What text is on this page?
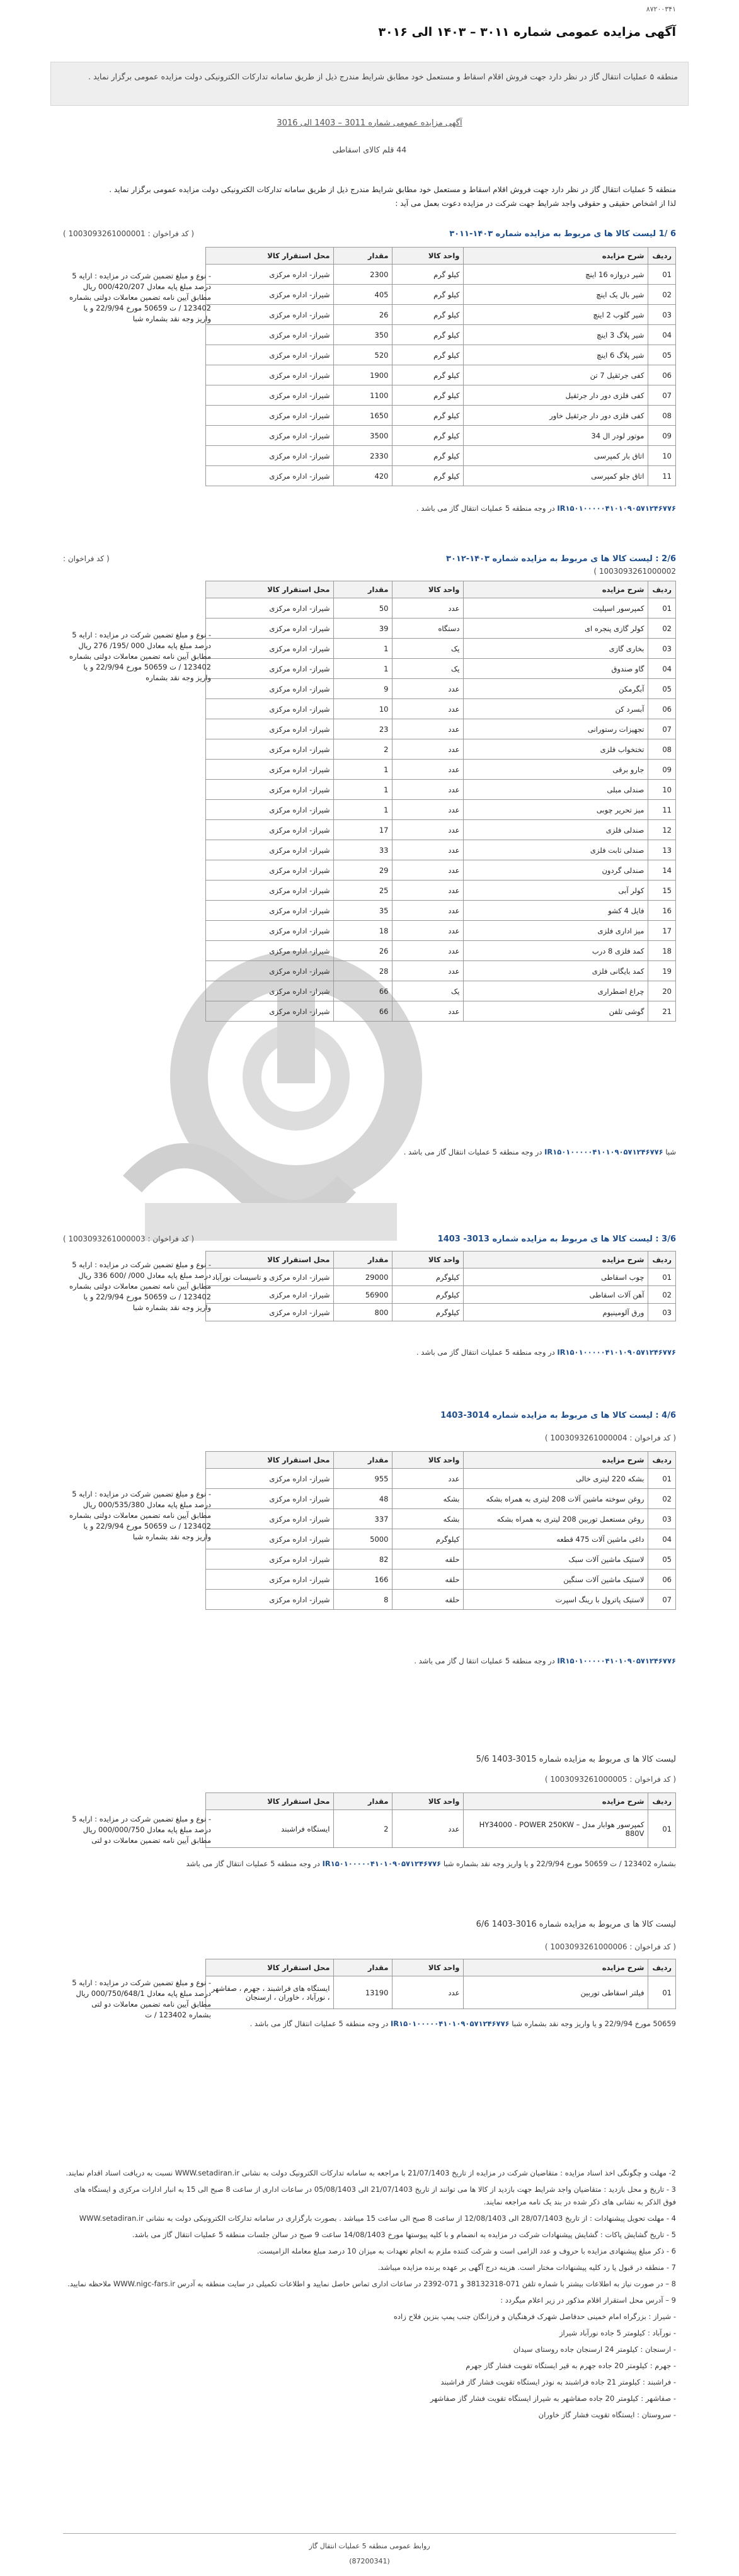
۸۷۲۰۰۳۴۱
آگهی مزایده عمومی شماره ۳۰۱۱ – ۱۴۰۳ الی ۳۰۱۶
منطقه ۵ عملیات انتقال گاز در نظر دارد جهت فروش اقلام اسقاط و مستعمل خود مطابق شرایط مندرج ذیل از طریق سامانه تدارکات الکترونیکی دولت مزایده عمومی برگزار نماید .
آگهی مزایده عمومی شماره 3011 – 1403 الی 3016
44 قلم کالای اسقاطی
منطقه 5 عملیات انتقال گاز در نظر دارد جهت فروش اقلام اسقاط و مستعمل خود مطابق شرایط مندرج ذیل از طریق سامانه تدارکات الکترونیکی دولت مزایده عمومی برگزار نماید .
لذا از اشخاص حقیقی و حقوقی واجد شرایط جهت شرکت در مزایده دعوت بعمل می آید :
6 /1 لیست کالا ها ی مربوط به مزایده شماره ۱۴۰۳-۳۰۱۱
( کد فراخوان : 1003093261000001 )
ردیف	شرح مزایده	واحد کالا	مقدار	محل استقرار کالا
01	شیر دروازه 16 اینچ	کیلو گرم	2300	شیراز- اداره مرکزی
02	شیر بال یک اینچ	کیلو گرم	405	شیراز- اداره مرکزی
03	شیر گلوب 2 اینچ	کیلو گرم	26	شیراز- اداره مرکزی
04	شیر پلاگ 3 اینچ	کیلو گرم	350	شیراز- اداره مرکزی
05	شیر پلاگ 6 اینچ	کیلو گرم	520	شیراز- اداره مرکزی
06	کفی جرثقیل 7 تن	کیلو گرم	1900	شیراز- اداره مرکزی
07	کفی فلزی دور دار جرثقیل	کیلو گرم	1100	شیراز- اداره مرکزی
08	کفی فلزی دور دار جرثقیل خاور	کیلو گرم	1650	شیراز- اداره مرکزی
09	موتور لودر ال 34	کیلو گرم	3500	شیراز- اداره مرکزی
10	اتاق بار کمپرسی	کیلو گرم	2330	شیراز- اداره مرکزی
11	اتاق جلو کمپرسی	کیلو گرم	420	شیراز- اداره مرکزی
- نوع و مبلغ تضمین شرکت در مزایده : ارایه 5 درصد مبلغ پایه معادل 000/420/207 ریال مطابق آیین نامه تضمین معاملات دولتی بشماره 123402 / ت 50659 مورخ 22/9/94 و یا واریز وجه نقد بشماره شبا
IR۱۵۰۱۰۰۰۰۰۴۱۰۱۰۹۰۵۷۱۲۴۶۷۷۶ در وجه منطقه 5 عملیات انتقال گاز می باشد .
2/6 : لیست کالا ها ی مربوط به مزایده شماره ۱۴۰۳-۳۰۱۲
( کد فراخوان :
1003093261000002 )
ردیف	شرح مزایده	واحد کالا	مقدار	محل استقرار کالا
01	کمپرسور اسپلیت	عدد	50	شیراز- اداره مرکزی
02	کولر گازی پنجره ای	دستگاه	39	شیراز- اداره مرکزی
03	بخاری گازی	یک	1	شیراز- اداره مرکزی
04	گاو صندوق	یک	1	شیراز- اداره مرکزی
05	آبگرمکن	عدد	9	شیراز- اداره مرکزی
06	آبسرد کن	عدد	10	شیراز- اداره مرکزی
07	تجهیزات رستورانی	عدد	23	شیراز- اداره مرکزی
08	تختخواب فلزی	عدد	2	شیراز- اداره مرکزی
09	جارو برقی	عدد	1	شیراز- اداره مرکزی
10	صندلی مبلی	عدد	1	شیراز- اداره مرکزی
11	میز تحریر چوبی	عدد	1	شیراز- اداره مرکزی
12	صندلی فلزی	عدد	17	شیراز- اداره مرکزی
13	صندلی ثابت فلزی	عدد	33	شیراز- اداره مرکزی
14	صندلی گردون	عدد	29	شیراز- اداره مرکزی
15	کولر آبی	عدد	25	شیراز- اداره مرکزی
16	فایل 4 کشو	عدد	35	شیراز- اداره مرکزی
17	میز اداری فلزی	عدد	18	شیراز- اداره مرکزی
18	کمد فلزی 8 درب	عدد	26	شیراز- اداره مرکزی
19	کمد بایگانی فلزی	عدد	28	شیراز- اداره مرکزی
20	چراغ اضطراری	یک	66	شیراز- اداره مرکزی
21	گوشی تلفن	عدد	66	شیراز- اداره مرکزی
- نوع و مبلغ تضمین شرکت در مزایده : ارایه 5 درصد مبلغ پایه معادل 000 /195/ 276 ریال مطابق آیین نامه تضمین معاملات دولتی بشماره 123402 / ت 50659 مورخ 22/9/94 و یا واریز وجه نقد بشماره
شبا IR۱۵۰۱۰۰۰۰۰۴۱۰۱۰۹۰۵۷۱۲۴۶۷۷۶ در وجه منطقه 5 عملیات انتقال گاز می باشد .
3/6 : لیست کالا ها ی مربوط به مزایده شماره 3013- 1403
( کد فراخوان : 1003093261000003 )
ردیف	شرح مزایده	واحد کالا	مقدار	محل استقرار کالا
01	چوب اسقاطی	کیلوگرم	29000	شیراز- اداره مرکزی و تاسیسات نورآباد
02	آهن آلات اسقاطی	کیلوگرم	56900	شیراز- اداره مرکزی
03	ورق آلومینیوم	کیلوگرم	800	شیراز- اداره مرکزی
- نوع و مبلغ تضمین شرکت در مزایده : ارایه 5 درصد مبلغ پایه معادل 000/ /600 336 ریال مطابق آیین نامه تضمین معاملات دولتی بشماره 123402 / ت 50659 مورخ 22/9/94 و یا واریز وجه نقد بشماره شبا
IR۱۵۰۱۰۰۰۰۰۴۱۰۱۰۹۰۵۷۱۲۴۶۷۷۶ در وجه منطقه 5 عملیات انتقال گاز می باشد .
4/6 : لیست کالا ها ی مربوط به مزایده شماره 3014-1403
( کد فراخوان : 1003093261000004 )
ردیف	شرح مزایده	واحد کالا	مقدار	محل استقرار کالا
01	بشکه 220 لیتری خالی	عدد	955	شیراز- اداره مرکزی
02	روغن سوخته ماشین آلات 208 لیتری به همراه بشکه	بشکه	48	شیراز- اداره مرکزی
03	روغن مستعمل توربین 208 لیتری به همراه بشکه	بشکه	337	شیراز- اداره مرکزی
04	داغی ماشین آلات 475 قطعه	کیلوگرم	5000	شیراز- اداره مرکزی
05	لاستیک ماشین آلات سبک	حلقه	82	شیراز- اداره مرکزی
06	لاستیک ماشین آلات سنگین	حلقه	166	شیراز- اداره مرکزی
07	لاستیک پاترول با رینگ اسپرت	حلقه	8	شیراز- اداره مرکزی
- نوع و مبلغ تضمین شرکت در مزایده : ارایه 5 درصد مبلغ پایه معادل 000/535/380 ریال مطابق آیین نامه تضمین معاملات دولتی بشماره 123402 / ت 50659 مورخ 22/9/94 و یا واریز وجه نقد بشماره شبا
IR۱۵۰۱۰۰۰۰۰۴۱۰۱۰۹۰۵۷۱۲۴۶۷۷۶ در وجه منطقه 5 عملیات انتقا ل گاز می باشد .
لیست کالا ها ی مربوط به مزایده شماره 3015-1403 5/6
( کد فراخوان : 1003093261000005 )
ردیف	شرح مزایده	واحد کالا	مقدار	محل استقرار کالا
01	کمپرسور هوابار مدل HY34000 - POWER 250KW – 880V	عدد	2	ایستگاه فراشبند
- نوع و مبلغ تضمین شرکت در مزایده : ارایه 5 درصد مبلغ پایه معادل 000/000/750 ریال مطابق آیین نامه تضمین معاملات دو لتی
بشماره 123402 / ت 50659 مورخ 22/9/94 و یا واریز وجه نقد بشماره شبا IR۱۵۰۱۰۰۰۰۰۴۱۰۱۰۹۰۵۷۱۲۴۶۷۷۶ در وجه منطقه 5 عملیات انتقال گاز می باشد
لیست کالا ها ی مربوط به مزایده شماره 3016-1403 6/6
( کد فراخوان : 1003093261000006 )
ردیف	شرح مزایده	واحد کالا	مقدار	محل استقرار کالا
01	فیلتر اسقاطی توربین	عدد	13190	ایستگاه های فراشبند ، جهرم ، صفاشهر ، نورآباد ، خاوران ، ارسنجان
- نوع و مبلغ تضمین شرکت در مزایده : ارایه 5 درصد مبلغ پایه معادل 000/750/648/1 ریال مطابق آیین نامه تضمین معاملات دو لتی بشماره 123402 / ت
50659 مورخ 22/9/94 و یا واریز وجه نقد بشماره شبا IR۱۵۰۱۰۰۰۰۰۴۱۰۱۰۹۰۵۷۱۲۴۶۷۷۶ در وجه منطقه 5 عملیات انتقال گاز می باشد .

2- مهلت و چگونگی اخذ اسناد مزایده : متقاضیان شرکت در مزایده از تاریخ 21/07/1403 با مراجعه به سامانه تدارکات الکترونیک دولت به نشانی WWW.setadiran.ir نسبت به دریافت اسناد اقدام نمایند.

3 - تاریخ و محل بازدید : متقاضیان واجد شرایط جهت بازدید از کالا ها می توانند از تاریخ 21/07/1403 الی 05/08/1403 در ساعات اداری از ساعت 8 صبح الی 15 به انبار ادارات مرکزی و ایستگاه های فوق الذکر به نشانی های ذکر شده در بند یک نامه مراجعه نمایند.

4 - مهلت تحویل پیشنهادات : از تاریخ 28/07/1403 الی 12/08/1403 از ساعت 8 صبح الی ساعت 15 میباشد . بصورت بارگزاری در سامانه تدارکات الکترونیکی دولت به نشانی WWW.setadiran.ir

5 - تاریخ گشایش پاکات : گشایش پیشنهادات شرکت در مزایده به انضمام و با کلیه پیوستها مورخ 14/08/1403 ساعت 9 صبح در سالن جلسات منطقه 5 عملیات انتقال گاز می باشد.

6 - ذکر مبلغ پیشنهادی مزایده با حروف و عدد الزامی است و شرکت کننده ملزم به انجام تعهدات به میزان 10 درصد مبلغ معامله الزامیست.

7 - منطقه در قبول یا رد کلیه پیشنهادات مختار است. هزینه درج آگهی بر عهده برنده مزایده میباشد.

8 – در صورت نیاز به اطلاعات بیشتر با شماره تلفن 071-38132318 و 071-2392 در ساعات اداری تماس حاصل نمایید و اطلاعات تکمیلی در سایت منطقه به آدرس WWW.nigc-fars.ir ملاحظه نمایید.

9 – آدرس محل استقرار اقلام مذکور در زیر اعلام میگردد :

- شیراز : بزرگراه امام خمینی حدفاصل شهرک فرهنگیان و فرزانگان جنب پمپ بنزین فلاح زاده

- نورآباد : کیلومتر 5 جاده نورآباد شیراز

- ارسنجان : کیلومتر 24 ارسنجان جاده روستای سیدان

- جهرم : کیلومتر 20 جاده جهرم به قیر ایستگاه تقویت فشار گاز جهرم

- فراشبند : کیلومتر 21 جاده فراشبند به نوذر ایستگاه تقویت فشار گاز فراشبند

- صفاشهر : کیلومتر 20 جاده صفاشهر به شیراز ایستگاه تقویت فشار گاز صفاشهر

- سروستان : ایستگاه تقویت فشار گاز خاوران

روابط عمومی منطقه 5 عملیات انتقال گاز
(87200341)
